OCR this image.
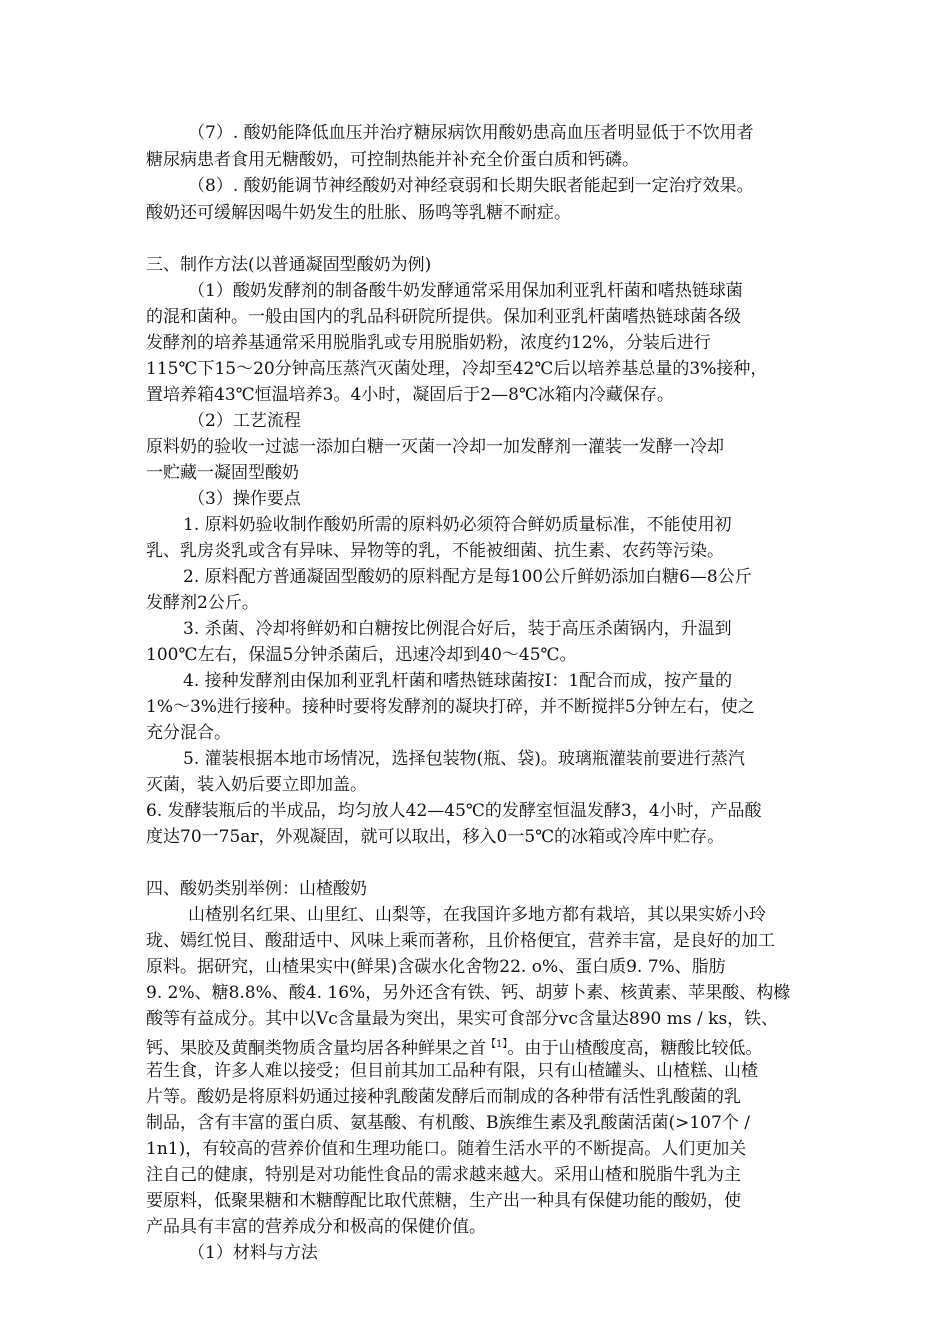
（7）. 酸奶能降低血压并治疗糖尿病饮用酸奶患高血压者明显低于不饮用者
糖尿病患者食用无糖酸奶，可控制热能并补充全价蛋白质和钙磷。
（8）. 酸奶能调节神经酸奶对神经衰弱和长期失眠者能起到一定治疗效果。
酸奶还可缓解因喝牛奶发生的肚胀、肠鸣等乳糖不耐症。
三、制作方法(以普通凝固型酸奶为例)
（1）酸奶发酵剂的制备酸牛奶发酵通常采用保加利亚乳杆菌和嗜热链球菌
的混和菌种。一般由国内的乳品科研院所提供。保加利亚乳杆菌嗜热链球菌各级
发酵剂的培养基通常采用脱脂乳或专用脱脂奶粉，浓度约12%，分装后进行
115℃下15～20分钟高压蒸汽灭菌处理，冷却至42℃后以培养基总量的3%接种，
置培养箱43℃恒温培养3。4小时，凝固后于2—8℃冰箱内冷藏保存。
（2）工艺流程
原料奶的验收一过滤一添加白糖一灭菌一冷却一加发酵剂一灌装一发酵一冷却
一贮藏一凝固型酸奶
（3）操作要点
1. 原料奶验收制作酸奶所需的原料奶必须符合鲜奶质量标准，不能使用初
乳、乳房炎乳或含有异味、异物等的乳，不能被细菌、抗生素、农药等污染。
2. 原料配方普通凝固型酸奶的原料配方是每100公斤鲜奶添加白糖6—8公斤
发酵剂2公斤。
3. 杀菌、冷却将鲜奶和白糖按比例混合好后，装于高压杀菌锅内，升温到
100℃左右，保温5分钟杀菌后，迅速冷却到40～45℃。
4. 接种发酵剂由保加利亚乳杆菌和嗜热链球菌按I：1配合而成，按产量的
1%～3%进行接种。接种时要将发酵剂的凝块打碎，并不断搅拌5分钟左右，使之
充分混合。
5. 灌装根据本地市场情况，选择包装物(瓶、袋)。玻璃瓶灌装前要进行蒸汽
灭菌，装入奶后要立即加盖。
6. 发酵装瓶后的半成品，均匀放人42—45℃的发酵室恒温发酵3，4小时，产品酸
度达70一75ar，外观凝固，就可以取出，移入0一5℃的冰箱或冷库中贮存。
四、酸奶类别举例：山楂酸奶
山楂别名红果、山里红、山梨等，在我国许多地方都有栽培，其以果实娇小玲
珑、嫣红悦目、酸甜适中、风味上乘而著称，且价格便宜，营养丰富，是良好的加工
原料。据研究，山楂果实中(鲜果)含碳水化舍物22. o%、蛋白质9. 7%、脂肪
9. 2%、糖8.8%、酸4. 16%，另外还含有铁、钙、胡萝卜素、核黄素、苹果酸、构橼
酸等有益成分。其中以Vc含量最为突出，果实可食部分vc含量达890 ms / ks，铁、
钙、果胶及黄酮类物质含量均居各种鲜果之首$^{【1】}$。由于山楂酸度高，糖酸比较低。
若生食，许多人难以接受；但目前其加工品种有限，只有山楂罐头、山楂糕、山楂
片等。酸奶是将原料奶通过接种乳酸菌发酵后而制成的各种带有活性乳酸菌的乳
制品，含有丰富的蛋白质、氨基酸、有机酸、B族维生素及乳酸菌活菌(>107个 /
1n1)，有较高的营养价值和生理功能口。随着生活水平的不断提高。人们更加关
注自己的健康，特别是对功能性食品的需求越来越大。采用山楂和脱脂牛乳为主
要原料，低聚果糖和木糖醇配比取代蔗糖，生产出一种具有保健功能的酸奶，使
产品具有丰富的营养成分和极高的保健价值。
（1）材料与方法
